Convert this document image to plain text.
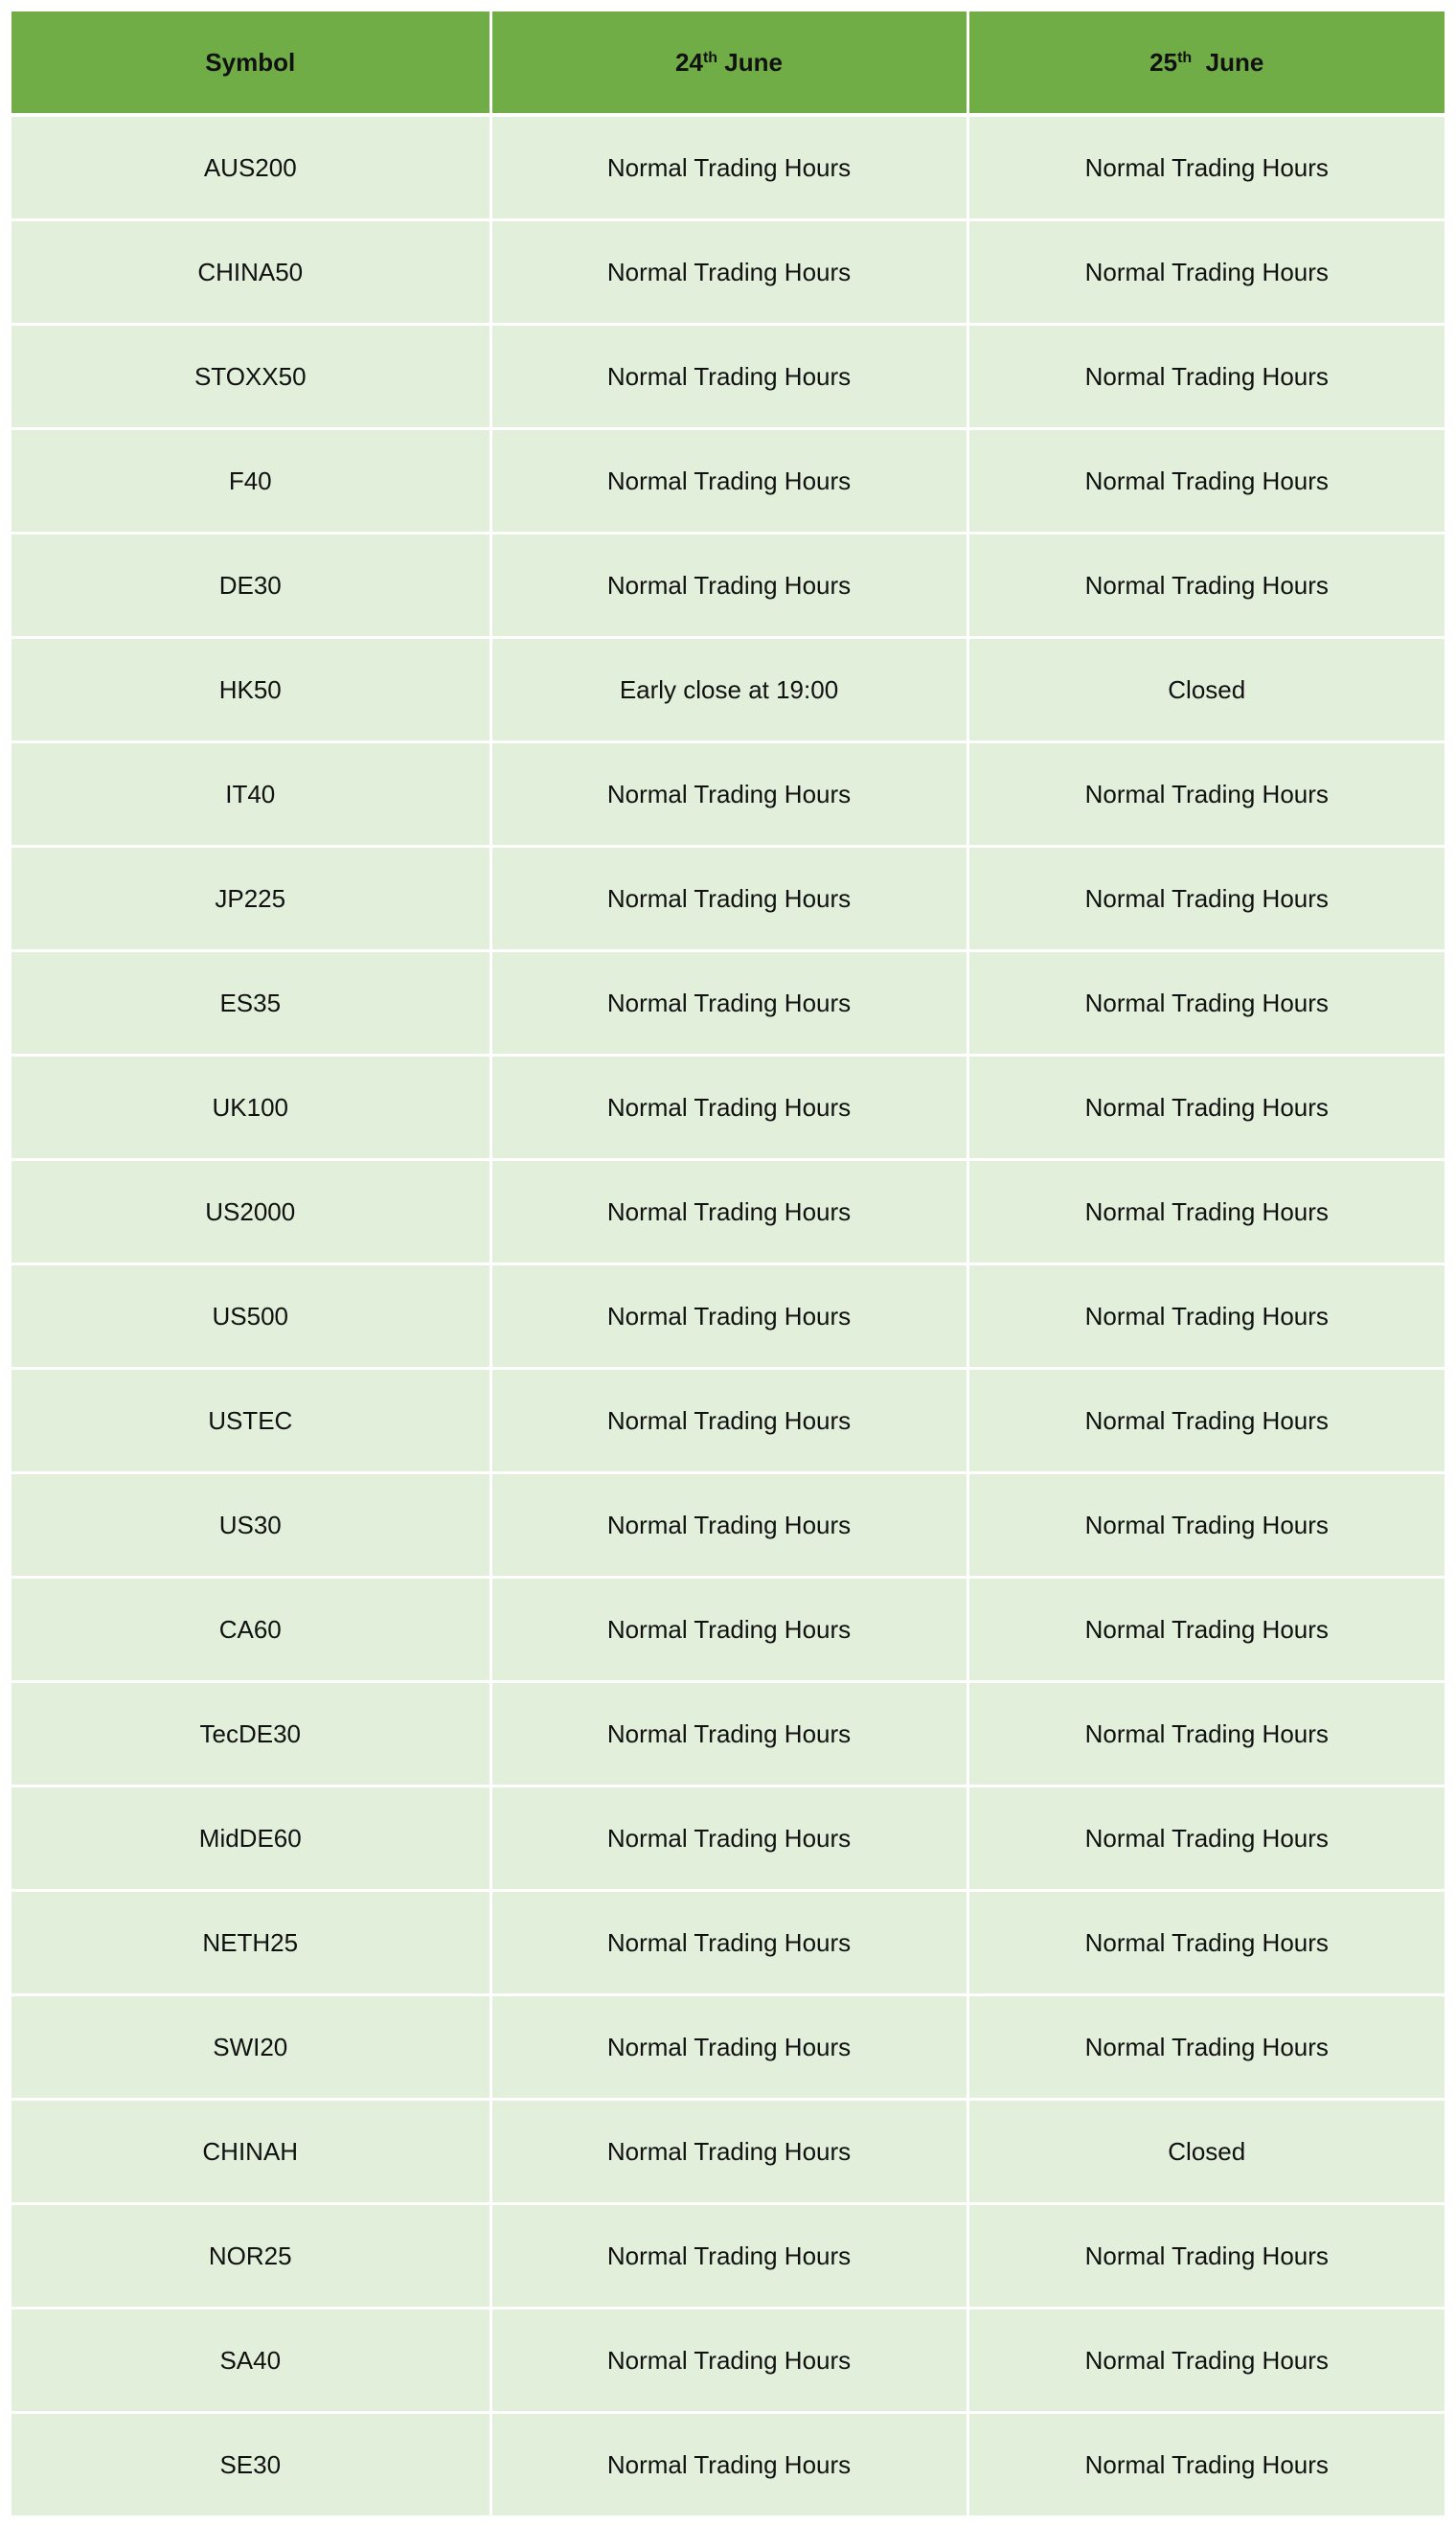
Symbol	24th June	25th  June
AUS200	Normal Trading Hours	Normal Trading Hours
CHINA50	Normal Trading Hours	Normal Trading Hours
STOXX50	Normal Trading Hours	Normal Trading Hours
F40	Normal Trading Hours	Normal Trading Hours
DE30	Normal Trading Hours	Normal Trading Hours
HK50	Early close at 19:00	Closed
IT40	Normal Trading Hours	Normal Trading Hours
JP225	Normal Trading Hours	Normal Trading Hours
ES35	Normal Trading Hours	Normal Trading Hours
UK100	Normal Trading Hours	Normal Trading Hours
US2000	Normal Trading Hours	Normal Trading Hours
US500	Normal Trading Hours	Normal Trading Hours
USTEC	Normal Trading Hours	Normal Trading Hours
US30	Normal Trading Hours	Normal Trading Hours
CA60	Normal Trading Hours	Normal Trading Hours
TecDE30	Normal Trading Hours	Normal Trading Hours
MidDE60	Normal Trading Hours	Normal Trading Hours
NETH25	Normal Trading Hours	Normal Trading Hours
SWI20	Normal Trading Hours	Normal Trading Hours
CHINAH	Normal Trading Hours	Closed
NOR25	Normal Trading Hours	Normal Trading Hours
SA40	Normal Trading Hours	Normal Trading Hours
SE30	Normal Trading Hours	Normal Trading Hours
